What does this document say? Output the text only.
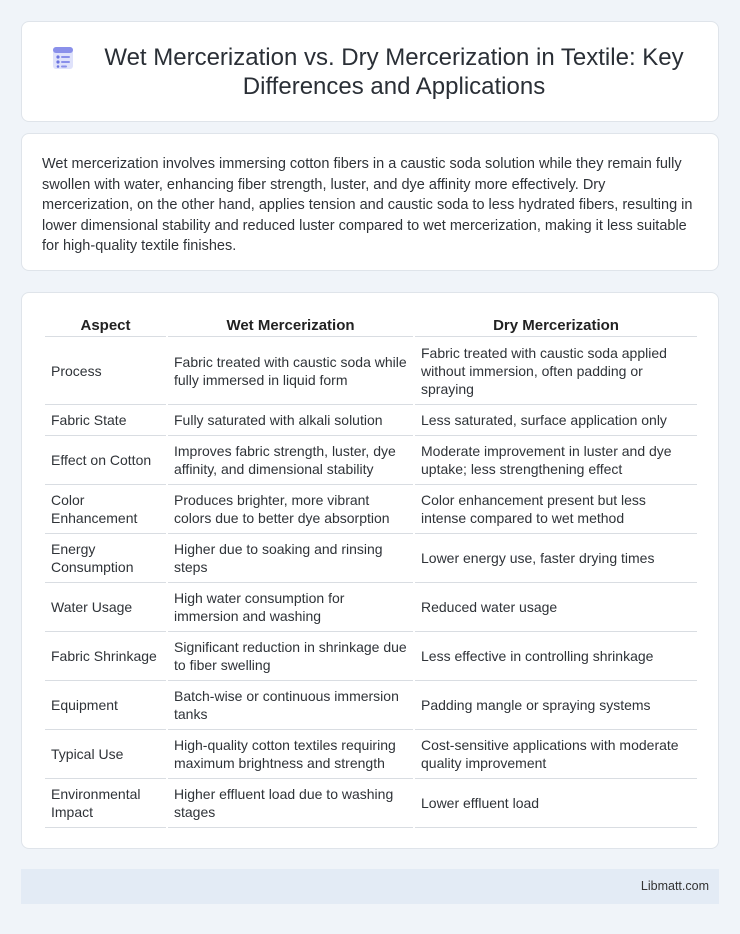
Wet Mercerization vs. Dry Mercerization in Textile: Key Differences and Applications

Wet mercerization involves immersing cotton fibers in a caustic soda solution while they remain fully swollen with water, enhancing fiber strength, luster, and dye affinity more effectively. Dry mercerization, on the other hand, applies tension and caustic soda to less hydrated fibers, resulting in lower dimensional stability and reduced luster compared to wet mercerization, making it less suitable for high-quality textile finishes.

Aspect	Wet Mercerization	Dry Mercerization
Process	Fabric treated with caustic soda while fully immersed in liquid form	Fabric treated with caustic soda applied without immersion, often padding or spraying
Fabric State	Fully saturated with alkali solution	Less saturated, surface application only
Effect on Cotton	Improves fabric strength, luster, dye affinity, and dimensional stability	Moderate improvement in luster and dye uptake; less strengthening effect
Color Enhancement	Produces brighter, more vibrant colors due to better dye absorption	Color enhancement present but less intense compared to wet method
Energy Consumption	Higher due to soaking and rinsing steps	Lower energy use, faster drying times
Water Usage	High water consumption for immersion and washing	Reduced water usage
Fabric Shrinkage	Significant reduction in shrinkage due to fiber swelling	Less effective in controlling shrinkage
Equipment	Batch-wise or continuous immersion tanks	Padding mangle or spraying systems
Typical Use	High-quality cotton textiles requiring maximum brightness and strength	Cost-sensitive applications with moderate quality improvement
Environmental Impact	Higher effluent load due to washing stages	Lower effluent load
Libmatt.com
